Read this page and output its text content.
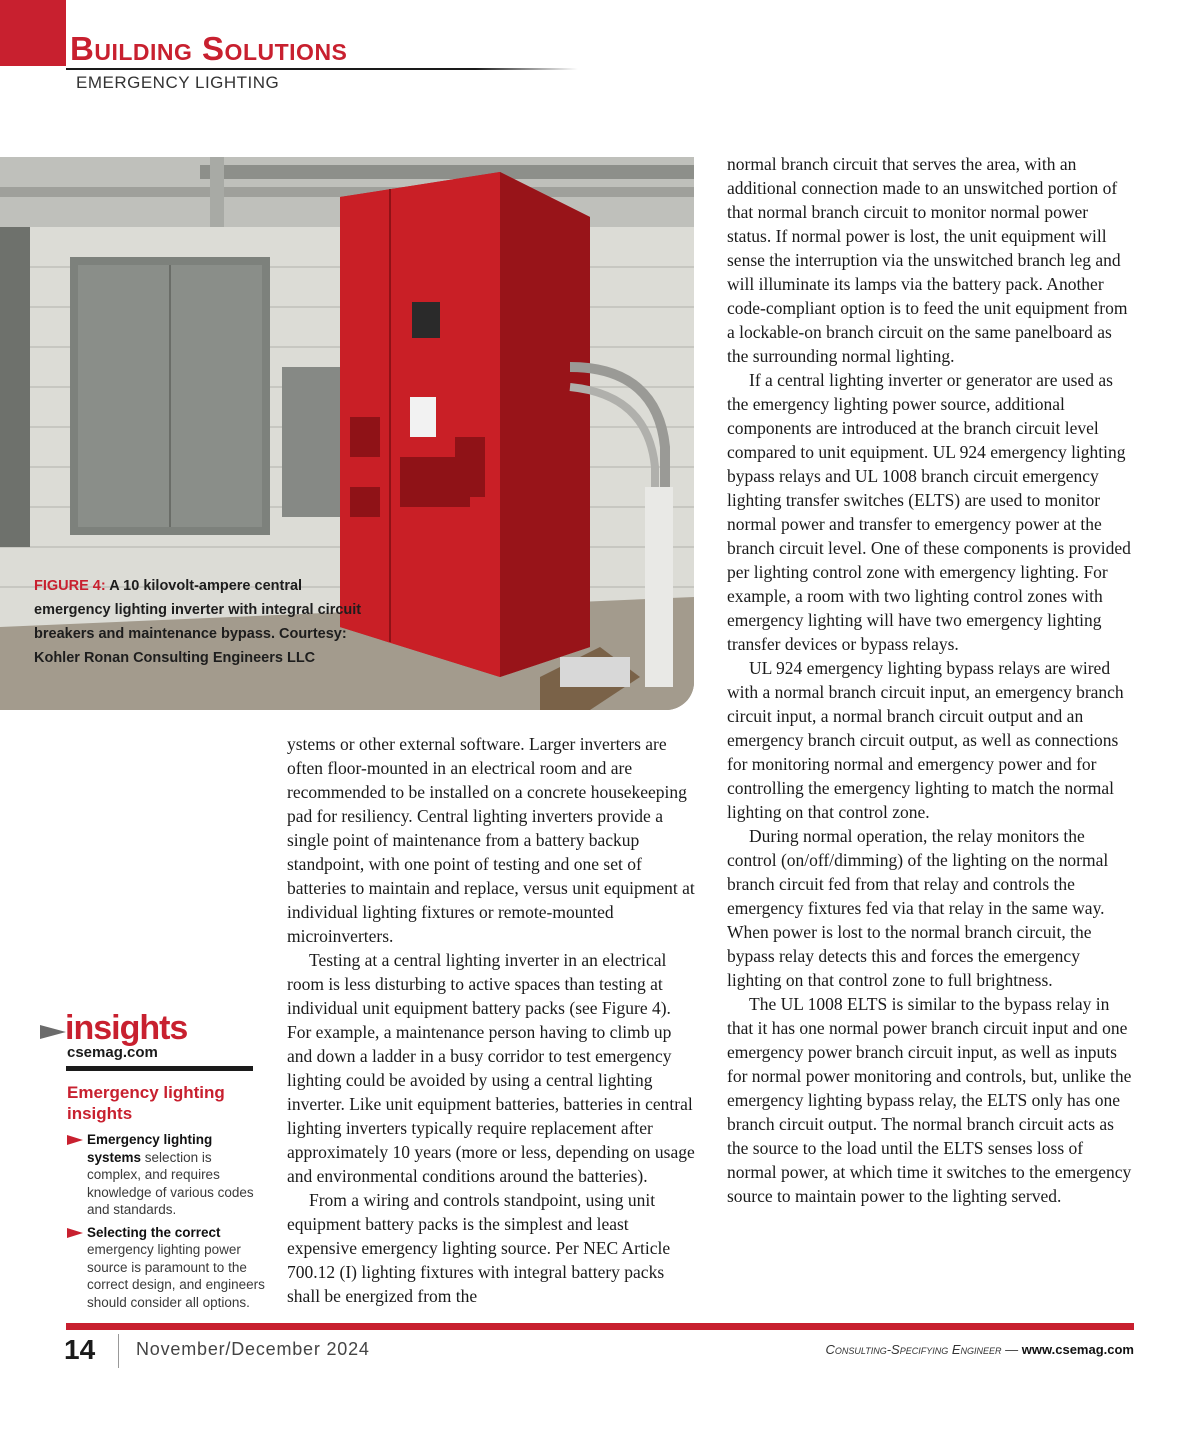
Building Solutions
EMERGENCY LIGHTING
FIGURE 4: A 10 kilovolt-ampere central emergency lighting inverter with integral circuit breakers and maintenance bypass. Courtesy: Kohler Ronan Consulting Engineers LLC

ystems or other external software. Larger inverters are often floor-mounted in an electrical room and are recommended to be installed on a concrete housekeeping pad for resiliency. Central lighting inverters provide a single point of maintenance from a battery backup standpoint, with one point of testing and one set of batteries to maintain and replace, versus unit equipment at individual lighting fixtures or remote-mounted microinverters.

Testing at a central lighting inverter in an electrical room is less disturbing to active spaces than testing at individual unit equipment battery packs (see Figure 4). For example, a maintenance person having to climb up and down a ladder in a busy corridor to test emergency lighting could be avoided by using a central lighting inverter. Like unit equipment batteries, batteries in central lighting inverters typically require replacement after approximately 10 years (more or less, depending on usage and environmental conditions around the batteries).

From a wiring and controls standpoint, using unit equipment battery packs is the simplest and least expensive emergency lighting source. Per NEC Article 700.12 (I) lighting fixtures with integral battery packs shall be energized from the

normal branch circuit that serves the area, with an additional connection made to an unswitched portion of that normal branch circuit to monitor normal power status. If normal power is lost, the unit equipment will sense the interruption via the unswitched branch leg and will illuminate its lamps via the battery pack. Another code-compliant option is to feed the unit equipment from a lockable-on branch circuit on the same panelboard as the surrounding normal lighting.

If a central lighting inverter or generator are used as the emergency lighting power source, additional components are introduced at the branch circuit level compared to unit equipment. UL 924 emergency lighting bypass relays and UL 1008 branch circuit emergency lighting transfer switches (ELTS) are used to monitor normal power and transfer to emergency power at the branch circuit level. One of these components is provided per lighting control zone with emergency lighting. For example, a room with two lighting control zones with emergency lighting will have two emergency lighting transfer devices or bypass relays.

UL 924 emergency lighting bypass relays are wired with a normal branch circuit input, an emergency branch circuit input, a normal branch circuit output and an emergency branch circuit output, as well as connections for monitoring normal and emergency power and for controlling the emergency lighting to match the normal lighting on that control zone.

During normal operation, the relay monitors the control (on/off/dimming) of the lighting on the normal branch circuit fed from that relay and controls the emergency fixtures fed via that relay in the same way. When power is lost to the normal branch circuit, the bypass relay detects this and forces the emergency lighting on that control zone to full brightness.

The UL 1008 ELTS is similar to the bypass relay in that it has one normal power branch circuit input and one emergency power branch circuit input, as well as inputs for normal power monitoring and controls, but, unlike the emergency lighting bypass relay, the ELTS only has one branch circuit output. The normal branch circuit acts as the source to the load until the ELTS senses loss of normal power, at which time it switches to the emergency source to maintain power to the lighting served.

insights
csemag.com
Emergency lighting insights
Emergency lighting systems selection is complex, and requires knowledge of various codes and standards.
Selecting the correct emergency lighting power source is paramount to the correct design, and engineers should consider all options.
14 November/December 2024	Consulting-Specifying Engineer — www.csemag.com
